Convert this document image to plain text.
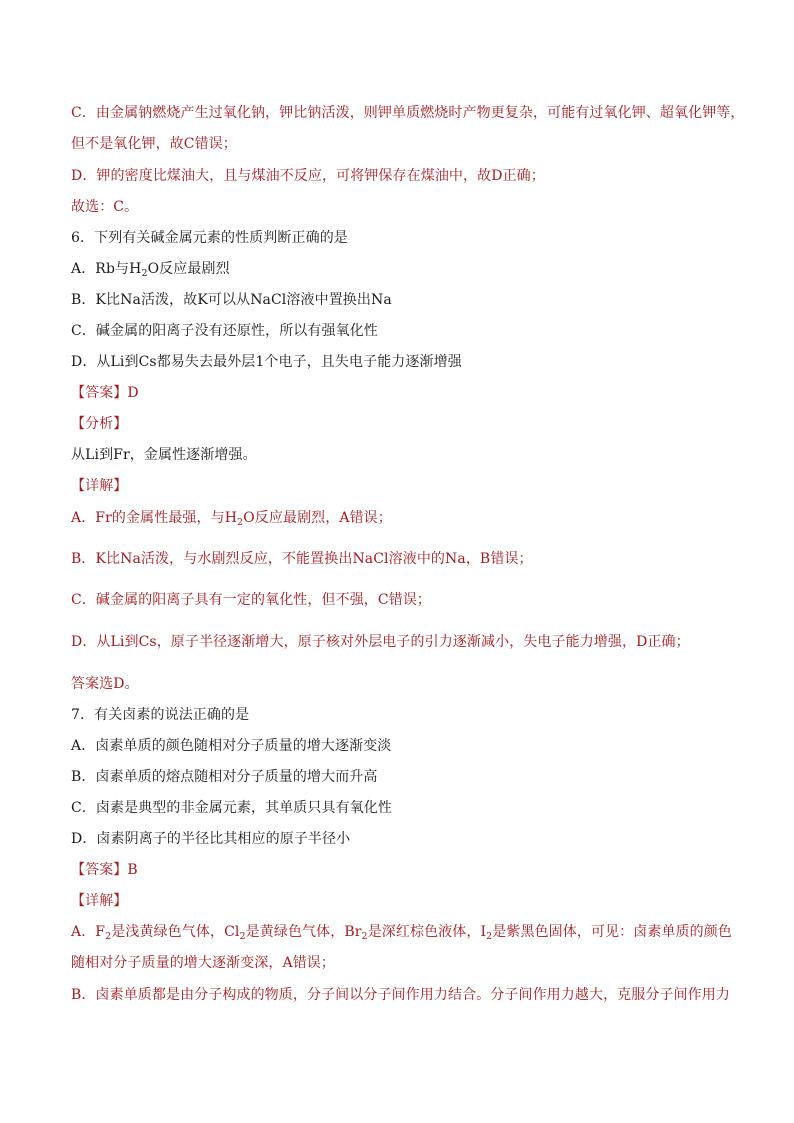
C．由金属钠燃烧产生过氧化钠，钾比钠活泼，则钾单质燃烧时产物更复杂，可能有过氧化钾、超氧化钾等，

但不是氧化钾，故C错误；

D．钾的密度比煤油大，且与煤油不反应，可将钾保存在煤油中，故D正确；

故选：C。

6．下列有关碱金属元素的性质判断正确的是

A．Rb与$H_2O$反应最剧烈

B．K比Na活泼，故K可以从NaCl溶液中置换出Na

C．碱金属的阳离子没有还原性，所以有强氧化性

D．从Li到Cs都易失去最外层1个电子，且失电子能力逐渐增强

【答案】D

【分析】

从Li到Fr，金属性逐渐增强。

【详解】

A．Fr的金属性最强，与$H_2O$反应最剧烈，A错误；

B．K比Na活泼，与水剧烈反应，不能置换出NaCl溶液中的Na，B错误；

C．碱金属的阳离子具有一定的氧化性，但不强，C错误；

D．从Li到Cs，原子半径逐渐增大，原子核对外层电子的引力逐渐减小，失电子能力增强，D正确；

答案选D。

7．有关卤素的说法正确的是

A．卤素单质的颜色随相对分子质量的增大逐渐变淡

B．卤素单质的熔点随相对分子质量的增大而升高

C．卤素是典型的非金属元素，其单质只具有氧化性

D．卤素阴离子的半径比其相应的原子半径小

【答案】B

【详解】

A．$F_2$是浅黄绿色气体，$Cl_2$是黄绿色气体，$Br_2$是深红棕色液体，$I_2$是紫黑色固体，可见：卤素单质的颜色

随相对分子质量的增大逐渐变深，A错误；

B．卤素单质都是由分子构成的物质，分子间以分子间作用力结合。分子间作用力越大，克服分子间作用力
